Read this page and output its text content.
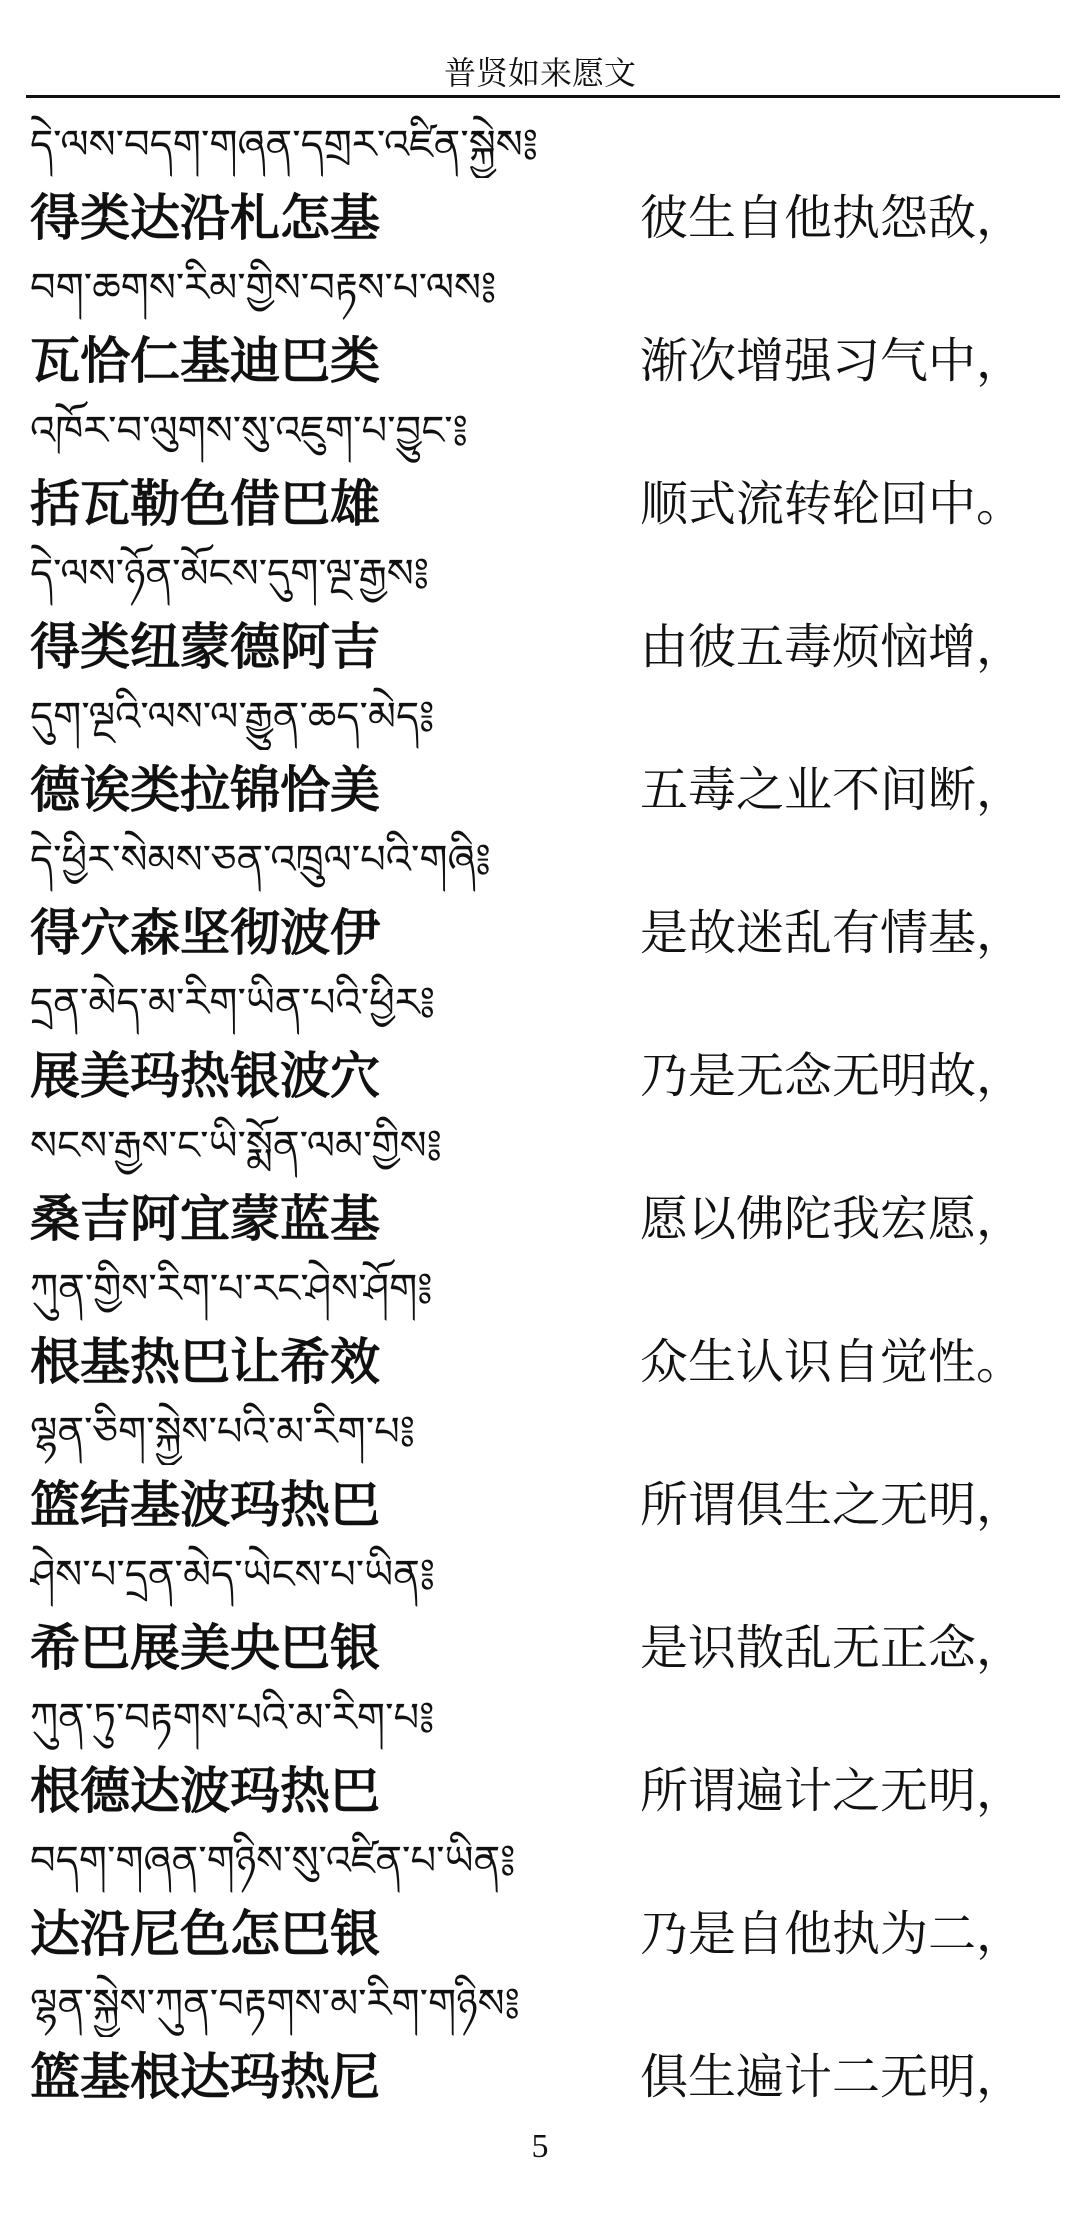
普贤如来愿文
དེ་ལས་བདག་གཞན་དགྲར་འཛིན་སྐྱེས༔
得类达沿札怎基	彼生自他执怨敌，
བག་ཆགས་རིམ་གྱིས་བརྟས་པ་ལས༔
瓦恰仁基迪巴类	渐次增强习气中，
འཁོར་བ་ལུགས་སུ་འཇུག་པ་བྱུང་༔
括瓦勒色借巴雄	顺式流转轮回中。
དེ་ལས་ཉོན་མོངས་དུག་ལྔ་རྒྱས༔
得类纽蒙德阿吉	由彼五毒烦恼增，
དུག་ལྔའི་ལས་ལ་རྒྱུན་ཆད་མེད༔
德诶类拉锦恰美	五毒之业不间断，
དེ་ཕྱིར་སེམས་ཅན་འཁྲུལ་པའི་གཞི༔
得穴森坚彻波伊	是故迷乱有情基，
དྲན་མེད་མ་རིག་ཡིན་པའི་ཕྱིར༔
展美玛热银波穴	乃是无念无明故，
སངས་རྒྱས་ང་ཡི་སྨོན་ལམ་གྱིས༔
桑吉阿宜蒙蓝基	愿以佛陀我宏愿，
ཀུན་གྱིས་རིག་པ་རང་ཤེས་ཤོག༔
根基热巴让希效	众生认识自觉性。
ལྷན་ཅིག་སྐྱེས་པའི་མ་རིག་པ༔
篮结基波玛热巴	所谓俱生之无明，
ཤེས་པ་དྲན་མེད་ཡེངས་པ་ཡིན༔
希巴展美央巴银	是识散乱无正念，
ཀུན་ཏུ་བརྟགས་པའི་མ་རིག་པ༔
根德达波玛热巴	所谓遍计之无明，
བདག་གཞན་གཉིས་སུ་འཛིན་པ་ཡིན༔
达沿尼色怎巴银	乃是自他执为二，
ལྷན་སྐྱེས་ཀུན་བརྟགས་མ་རིག་གཉིས༔
篮基根达玛热尼	俱生遍计二无明，
5
